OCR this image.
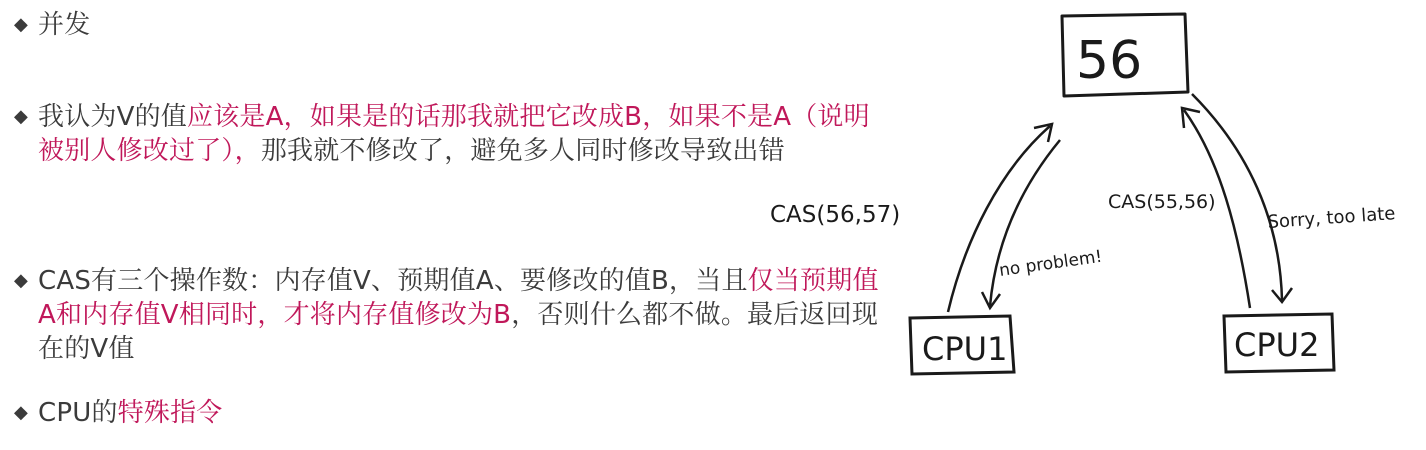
◆ 并发
◆ 我认为V的值应该是A，如果是的话那我就把它改成B，如果不是A（说明被别人修改过了），那我就不修改了，避免多人同时修改导致出错
◆ CAS有三个操作数：内存值V、预期值A、要修改的值B，当且仅当预期值A和内存值V相同时，才将内存值修改为B，否则什么都不做。最后返回现在的V值
◆ CPU的特殊指令
56
CPU1	CPU2
CAS(56,57)
no problem!
CAS(55,56)
Sorry, too late
